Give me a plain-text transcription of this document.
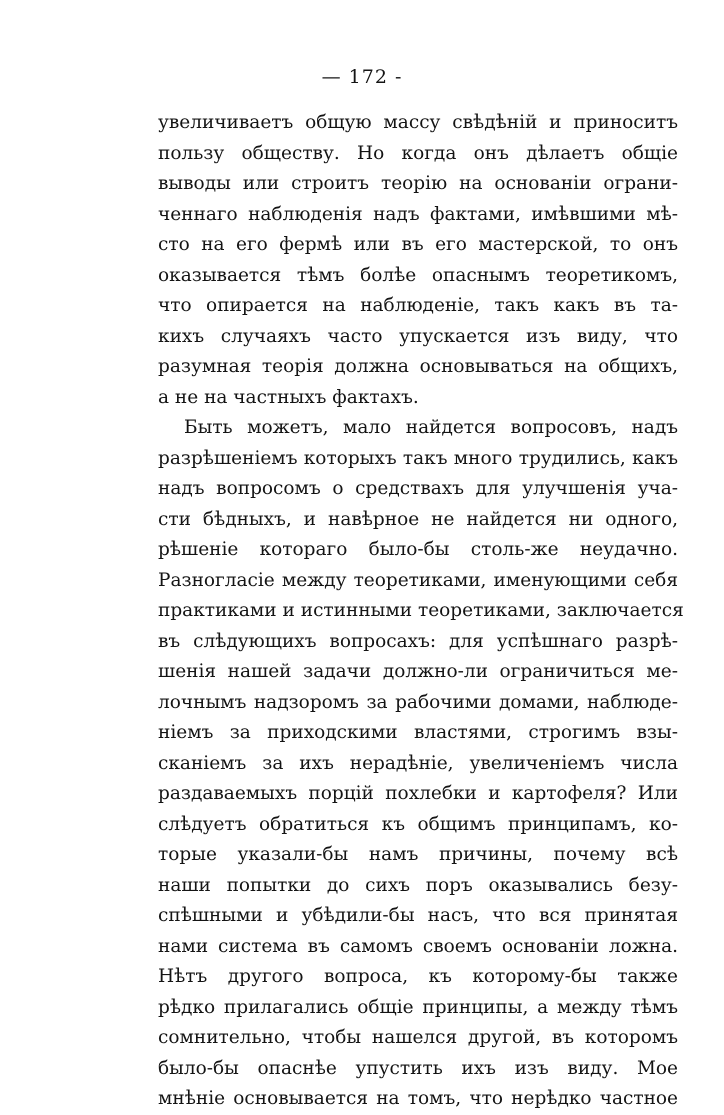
— 172 -
увеличиваетъ общую массу свѣдѣній и приноситъ
пользу обществу. Но когда онъ дѣлаетъ общіе
выводы или строитъ теорію на основаніи ограни-
ченнаго наблюденія надъ фактами, имѣвшими мѣ-
сто на его фермѣ или въ его мастерской, то онъ
оказывается тѣмъ болѣе опаснымъ теоретикомъ,
что опирается на наблюденіе, такъ какъ въ та-
кихъ случаяхъ часто упускается изъ виду, что
разумная теорія должна основываться на общихъ,
а не на частныхъ фактахъ.
Быть можетъ, мало найдется вопросовъ, надъ
разрѣшеніемъ которыхъ такъ много трудились, какъ
надъ вопросомъ о средствахъ для улучшенія уча-
сти бѣдныхъ, и навѣрное не найдется ни одного,
рѣшеніе котораго было-бы столь-же неудачно.
Разногласіе между теоретиками, именующими себя
практиками и истинными теоретиками, заключается
въ слѣдующихъ вопросахъ: для успѣшнаго разрѣ-
шенія нашей задачи должно-ли ограничиться ме-
лочнымъ надзоромъ за рабочими домами, наблюде-
ніемъ за приходскими властями, строгимъ взы-
сканіемъ за ихъ нерадѣніе, увеличеніемъ числа
раздаваемыхъ порцій похлебки и картофеля? Или
слѣдуетъ обратиться къ общимъ принципамъ, ко-
торые указали-бы намъ причины, почему всѣ
наши попытки до сихъ поръ оказывались безу-
спѣшными и убѣдили-бы насъ, что вся принятая
нами система въ самомъ своемъ основаніи ложна.
Нѣтъ другого вопроса, къ которому-бы также
рѣдко прилагались общіе принципы, а между тѣмъ
сомнительно, чтобы нашелся другой, въ которомъ
было-бы опаснѣе упустить ихъ изъ виду. Мое
мнѣніе основывается на томъ, что нерѣдко частное
